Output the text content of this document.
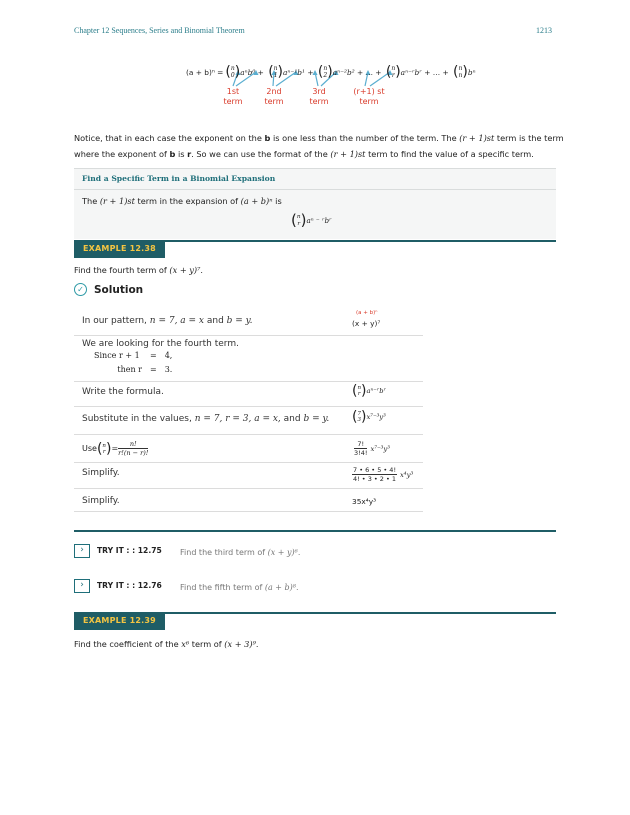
Chapter 12 Sequences, Series and Binomial Theorem	1213
(a + b)ⁿ = ( n
0 ) aⁿb⁰ + ( n
1 ) aⁿ⁻¹b¹ + ( n
2 ) aⁿ⁻²b² + … + ( n
r ) aⁿ⁻ʳbʳ + … + ( n
n ) bⁿ
1st
term
2nd
term
3rd
term
(r+1) st
term
Notice, that in each case the exponent on the b is one less than the number of the term. The (r + 1)st term is the term
where the exponent of b is r. So we can use the format of the (r + 1)st term to find the value of a specific term.
Find a Specific Term in a Binomial Expansion
The (r + 1)st term in the expansion of (a + b)ⁿ is
( n
r ) aⁿ ⁻ ʳbʳ
EXAMPLE 12.38
Find the fourth term of (x + y)⁷.
✓ Solution
In our pattern, n = 7, a = x and b = y.
(a + b)ⁿ
(x + y)⁷
We are looking for the fourth term.
Since r + 1 = 4,
then r = 3.
Write the formula.	( n
r ) aⁿ⁻ʳbʳ
Substitute in the values, n = 7, r = 3, a = x, and b = y. ( 7
3 ) x⁷⁻³y³
Use ( n
r ) = $\frac{n!}{r!(n - r)!}$	$\frac{7!}{3!4!} x^{7-3}y^3$
Simplify.	$\frac{7 • 6 • 5 • 4!}{4! • 3 • 2 • 1} x^4y^3$
Simplify.	35x⁴y³
›	TRY IT : : 12.75 Find the third term of (x + y)⁶.
›	TRY IT : : 12.76 Find the fifth term of (a + b)⁸.
EXAMPLE 12.39
Find the coefficient of the x⁶ term of (x + 3)⁹.
